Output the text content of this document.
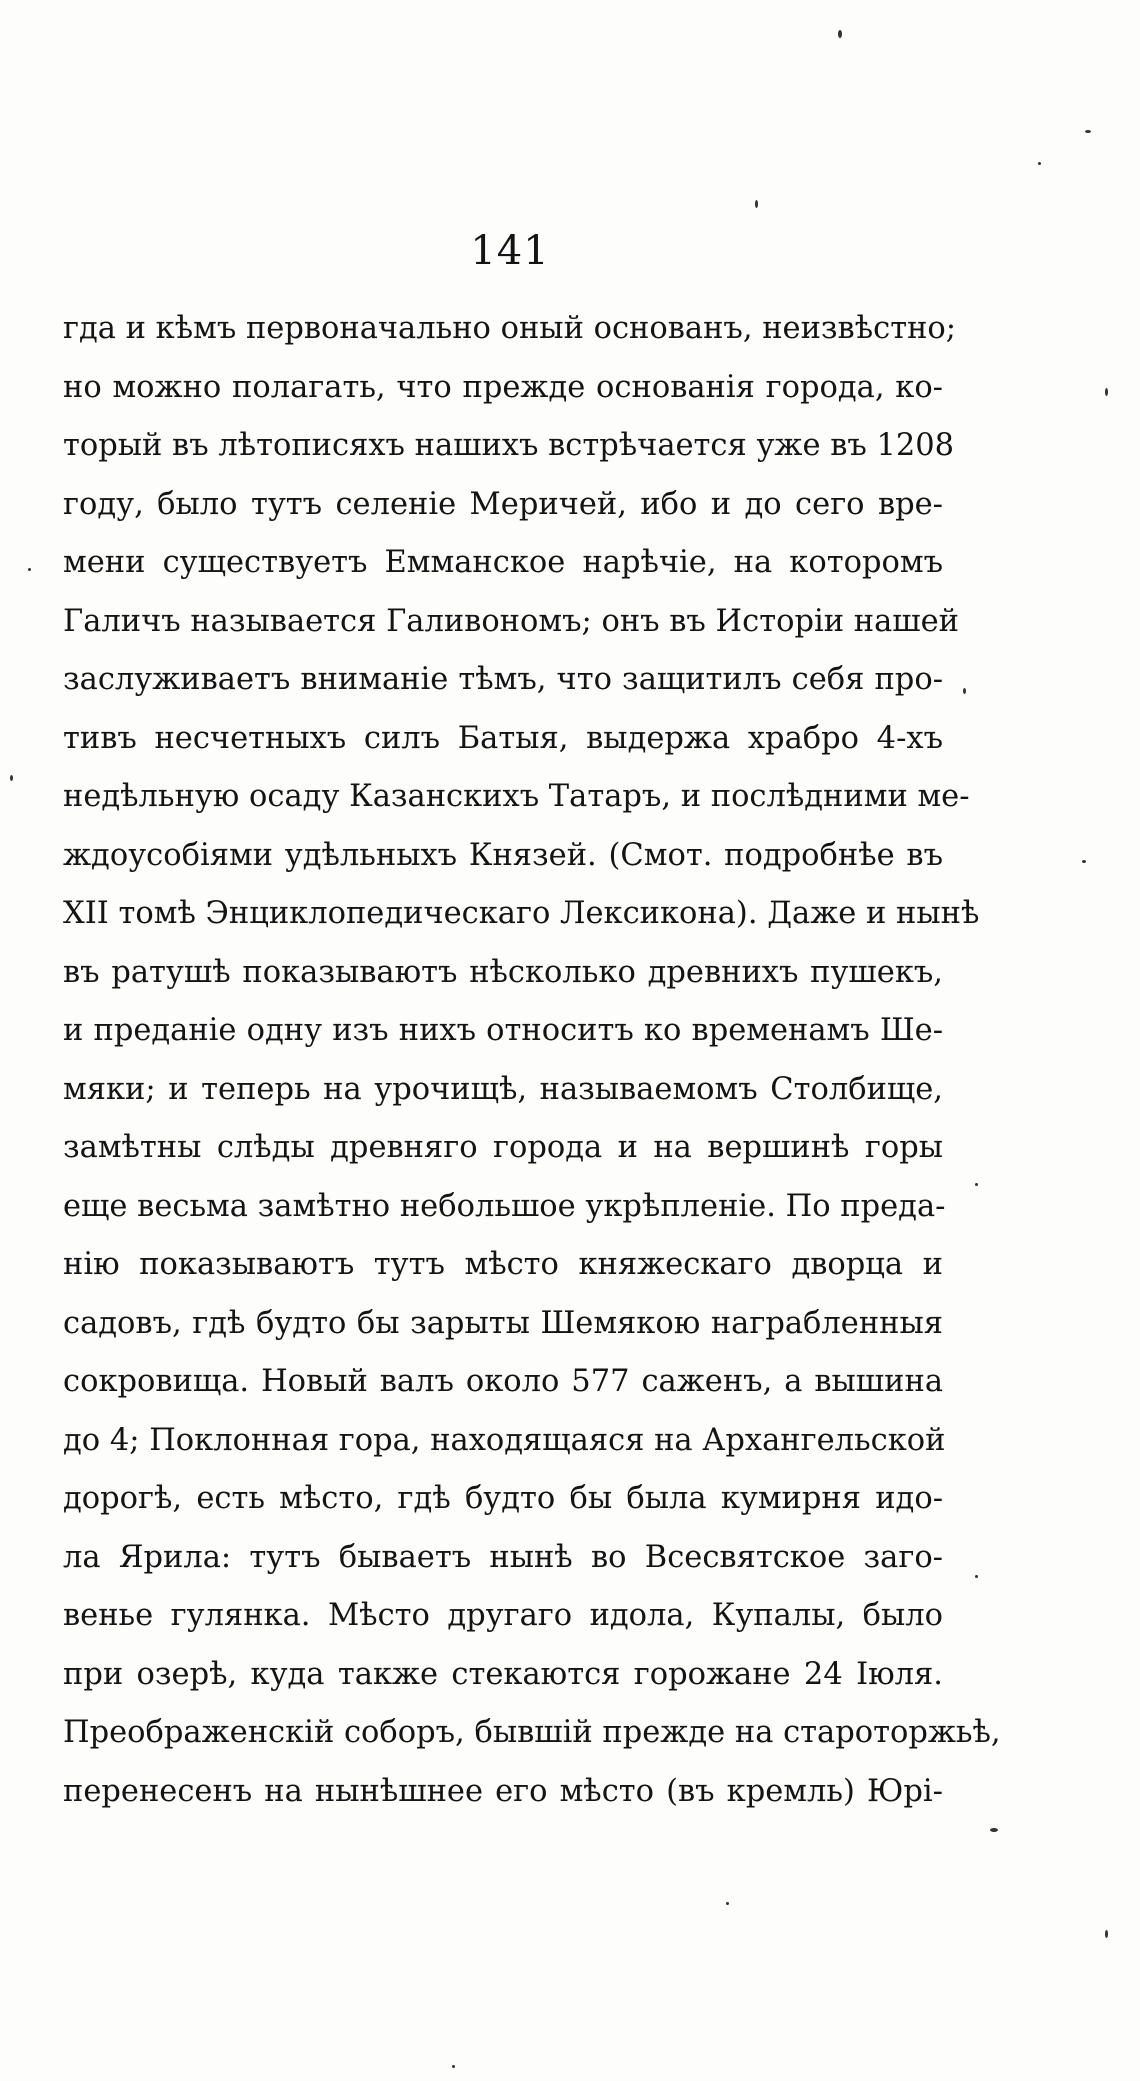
141
гда и кѣмъ первоначально оный основанъ, неизвѣстно;
но можно полагать, что прежде основанія города, ко-
торый въ лѣтописяхъ нашихъ встрѣчается уже въ 1208
году, было тутъ селеніе Меричей, ибо и до сего вре-
мени существуетъ Емманское нарѣчіе, на которомъ
Галичъ называется Галивономъ; онъ въ Исторіи нашей
заслуживаетъ вниманіе тѣмъ, что защитилъ себя про-
тивъ несчетныхъ силъ Батыя, выдержа храбро 4-хъ
недѣльную осаду Казанскихъ Татаръ, и послѣдними ме-
ждоусобіями удѣльныхъ Князей. (Смот. подробнѣе въ
XII томѣ Энциклопедическаго Лексикона). Даже и нынѣ
въ ратушѣ показываютъ нѣсколько древнихъ пушекъ,
и преданіе одну изъ нихъ относитъ ко временамъ Ше-
мяки; и теперь на урочищѣ, называемомъ Столбище,
замѣтны слѣды древняго города и на вершинѣ горы
еще весьма замѣтно небольшое укрѣпленіе. По преда-
нію показываютъ тутъ мѣсто княжескаго дворца и
садовъ, гдѣ будто бы зарыты Шемякою награбленныя
сокровища. Новый валъ около 577 саженъ, а вышина
до 4; Поклонная гора, находящаяся на Архангельской
дорогѣ, есть мѣсто, гдѣ будто бы была кумирня идо-
ла Ярила: тутъ бываетъ нынѣ во Всесвятское заго-
венье гулянка. Мѣсто другаго идола, Купалы, было
при озерѣ, куда также стекаются горожане 24 Іюля.
Преображенскій соборъ, бывшій прежде на староторжьѣ,
перенесенъ на нынѣшнее его мѣсто (въ кремль) Юрі-
